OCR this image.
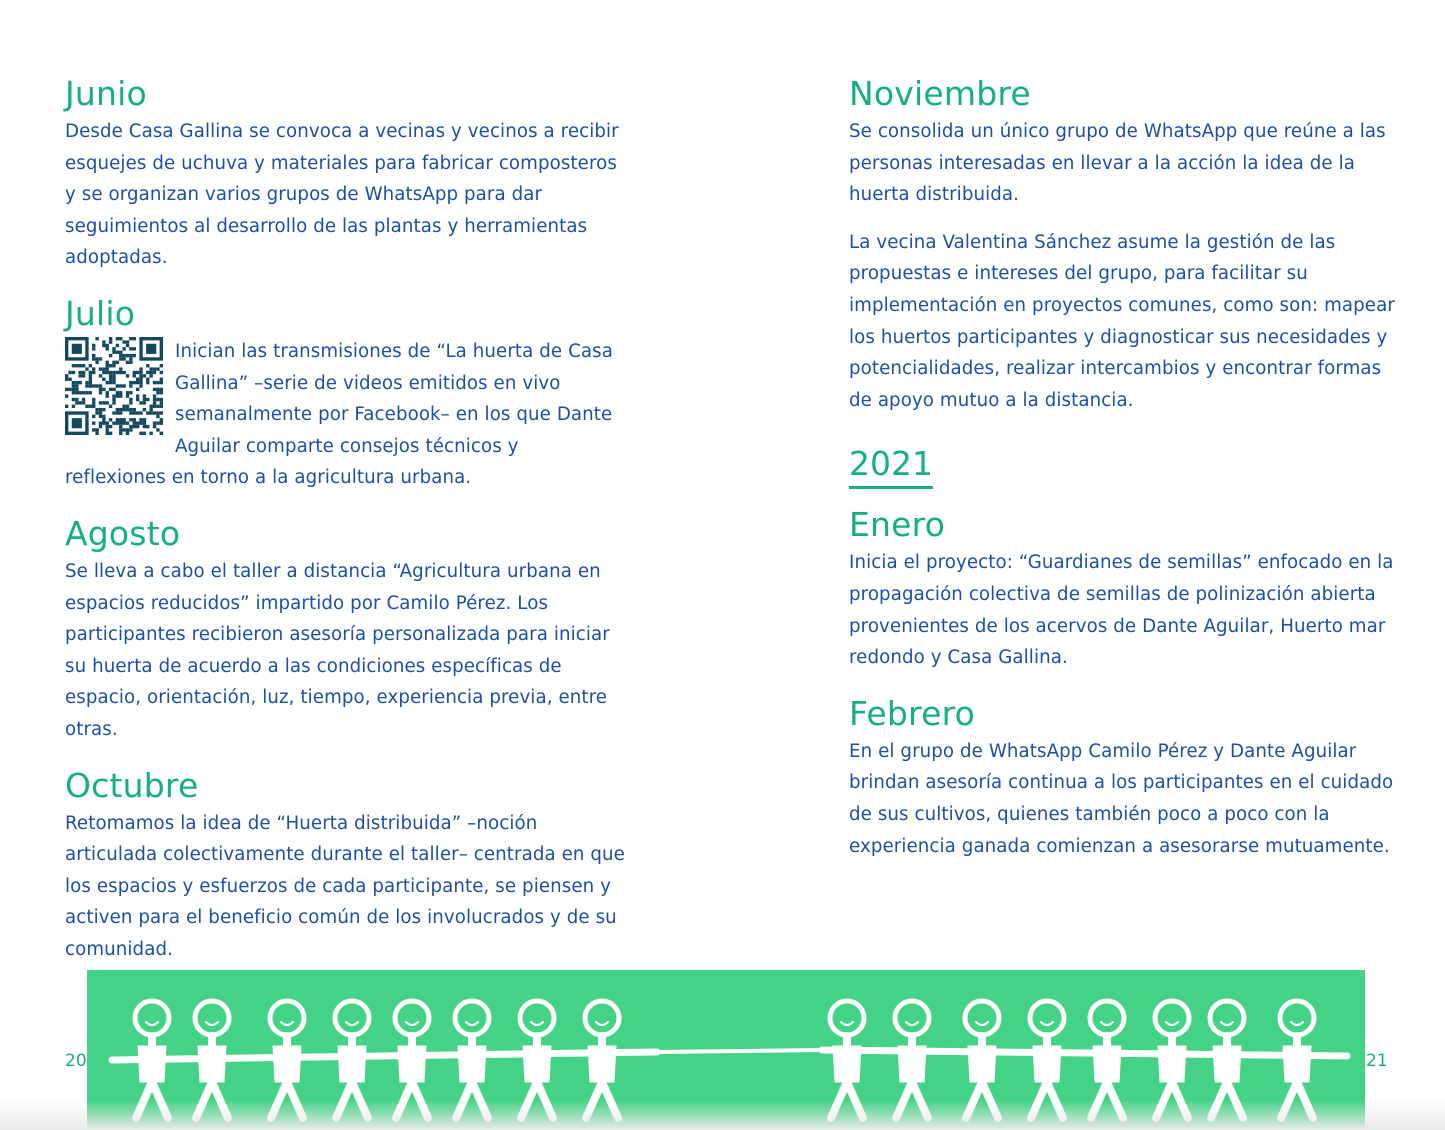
Junio

Desde Casa Gallina se convoca a vecinas y vecinos a recibir esquejes de uchuva y materiales para fabricar composteros y se organizan varios grupos de WhatsApp para dar seguimientos al desarrollo de las plantas y herramientas adoptadas.

Julio

Inician las transmisiones de “La huerta de Casa Gallina” –serie de videos emitidos en vivo semanalmente por Facebook– en los que Dante Aguilar comparte consejos técnicos y reflexiones en torno a la agricultura urbana.

Agosto

Se lleva a cabo el taller a distancia “Agricultura urbana en espacios reducidos” impartido por Camilo Pérez. Los participantes recibieron asesoría personalizada para iniciar su huerta de acuerdo a las condiciones específicas de espacio, orientación, luz, tiempo, experiencia previa, entre otras.

Octubre

Retomamos la idea de “Huerta distribuida” –noción articulada colectivamente durante el taller– centrada en que los espacios y esfuerzos de cada participante, se piensen y activen para el beneficio común de los involucrados y de su comunidad.

Noviembre

Se consolida un único grupo de WhatsApp que reúne a las personas interesadas en llevar a la acción la idea de la huerta distribuida.

La vecina Valentina Sánchez asume la gestión de las propuestas e intereses del grupo, para facilitar su implementación en proyectos comunes, como son: mapear los huertos participantes y diagnosticar sus necesidades y potencialidades, realizar intercambios y encontrar formas de apoyo mutuo a la distancia.

2021
Enero

Inicia el proyecto: “Guardianes de semillas” enfocado en la propagación colectiva de semillas de polinización abierta provenientes de los acervos de Dante Aguilar, Huerto mar redondo y Casa Gallina.

Febrero

En el grupo de WhatsApp Camilo Pérez y Dante Aguilar brindan asesoría continua a los participantes en el cuidado de sus cultivos, quienes también poco a poco con la experiencia ganada comienzan a asesorarse mutuamente.

20	21
